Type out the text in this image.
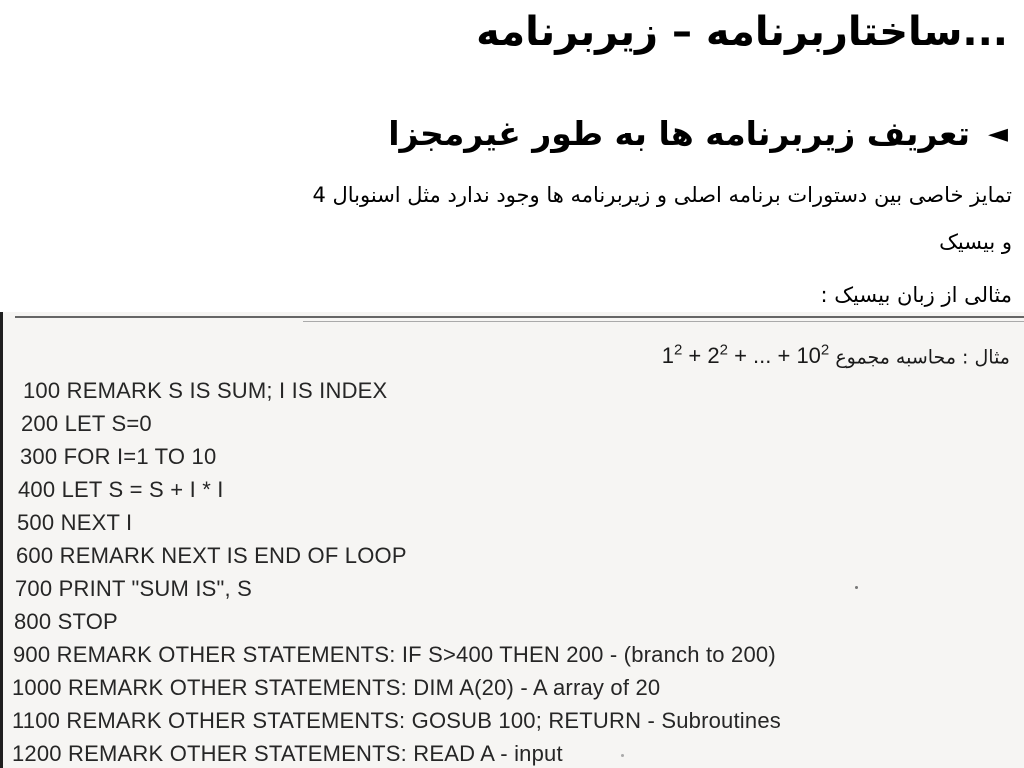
...ساختاربرنامه – زیربرنامه
◄تعریف زیربرنامه ها به طور غیرمجزا
تمایز خاصی بین دستورات برنامه اصلی و زیربرنامه ها وجود ندارد مثل اسنوبال 4
و بیسیک
مثالی از زبان بیسیک :
مثال : محاسبه مجموع $1^2 + 2^2$ + ... + $10^2$
100 REMARK S IS SUM; I IS INDEX
200 LET S=0
300 FOR I=1 TO 10
400 LET S = S + I * I
500 NEXT I
600 REMARK NEXT IS END OF LOOP
700 PRINT "SUM IS", S
800 STOP
900 REMARK OTHER STATEMENTS: IF S>400 THEN 200 - (branch to 200)
1000 REMARK OTHER STATEMENTS: DIM A(20) - A array of 20
1100 REMARK OTHER STATEMENTS: GOSUB 100; RETURN - Subroutines
1200 REMARK OTHER STATEMENTS: READ A - input
